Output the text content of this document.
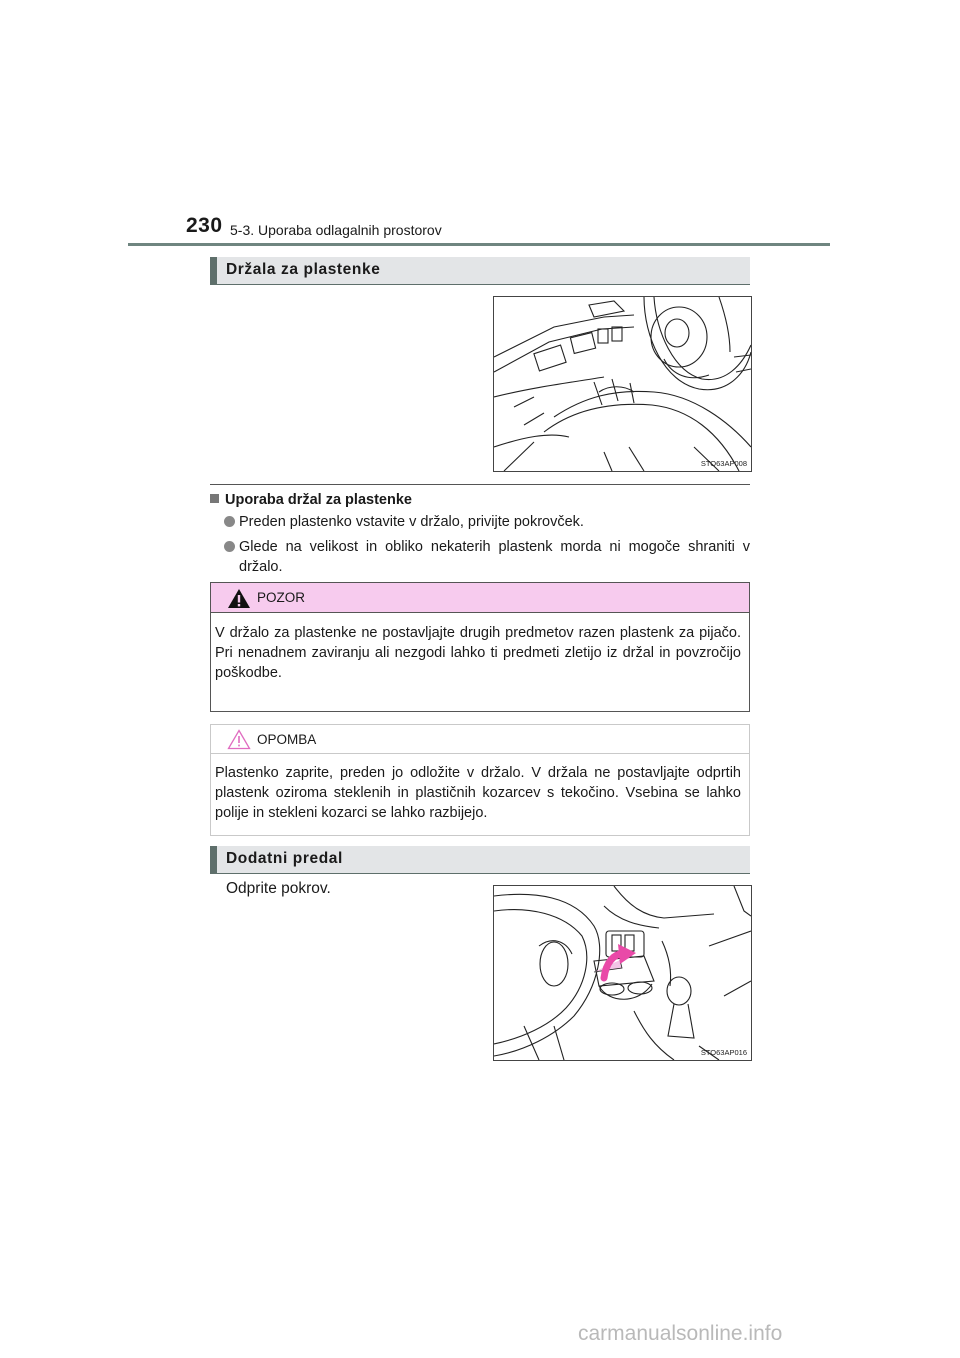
230 5-3. Uporaba odlagalnih prostorov
Držala za plastenke
STO63AP008
Uporaba držal za plastenke
Preden plastenko vstavite v držalo, privijte pokrovček.
Glede na velikost in obliko nekaterih plastenk morda ni mogoče shraniti v držalo.
POZOR
V držalo za plastenke ne postavljajte drugih predmetov razen plastenk za pijačo. Pri nenadnem zaviranju ali nezgodi lahko ti predmeti zletijo iz držal in povzročijo poškodbe.
OPOMBA
Plastenko zaprite, preden jo odložite v držalo. V držala ne postavljajte odprtih plastenk oziroma steklenih in plastičnih kozarcev s tekočino. Vsebina se lahko polije in stekleni kozarci se lahko razbijejo.
Dodatni predal
Odprite pokrov.
STO63AP016
carmanualsonline.info
